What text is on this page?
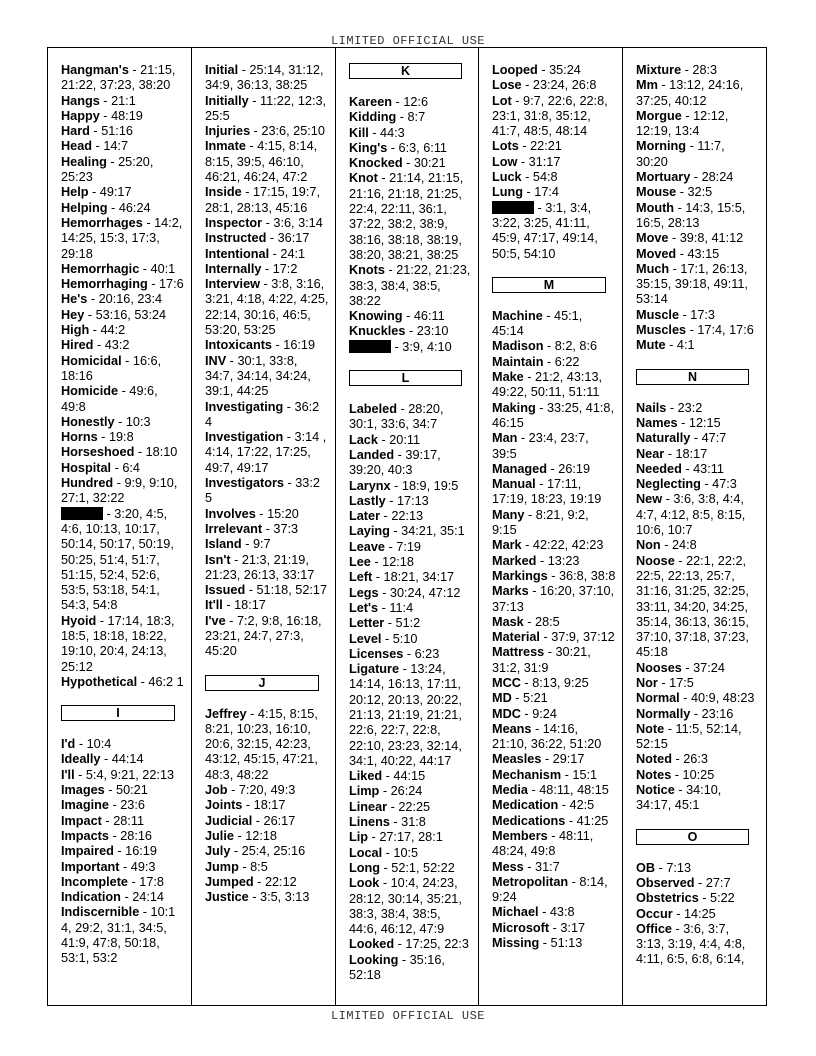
LIMITED OFFICIAL USE
Hangman's - 21:15, 21:22, 37:23, 38:20
Hangs - 21:1
Happy - 48:19
Hard - 51:16
Head - 14:7
Healing - 25:20, 25:23
Help - 49:17
Helping - 46:24
Hemorrhages - 14:2, 14:25, 15:3, 17:3, 29:18
Hemorrhagic - 40:1
Hemorrhaging - 17:6
He's - 20:16, 23:4
Hey - 53:16, 53:24
High - 44:2
Hired - 43:2
Homicidal - 16:6, 18:16
Homicide - 49:6, 49:8
Honestly - 10:3
Horns - 19:8
Horseshoed - 18:10
Hospital - 6:4
Hundred - 9:9, 9:10, 27:1, 32:22
- 3:20, 4:5, 4:6, 10:13, 10:17, 50:14, 50:17, 50:19, 50:25, 51:4, 51:7, 51:15, 52:4, 52:6, 53:5, 53:18, 54:1, 54:3, 54:8
Hyoid - 17:14, 18:3, 18:5, 18:18, 18:22, 19:10, 20:4, 24:13, 25:12
Hypothetical - 46:2 1
I
I'd - 10:4
Ideally - 44:14
I'll - 5:4, 9:21, 22:13
Images - 50:21
Imagine - 23:6
Impact - 28:11
Impacts - 28:16
Impaired - 16:19
Important - 49:3
Incomplete - 17:8
Indication - 24:14
Indiscernible - 10:1 4, 29:2, 31:1, 34:5, 41:9, 47:8, 50:18, 53:1, 53:2
Initial - 25:14, 31:12, 34:9, 36:13, 38:25
Initially - 11:22, 12:3, 25:5
Injuries - 23:6, 25:10
Inmate - 4:15, 8:14, 8:15, 39:5, 46:10, 46:21, 46:24, 47:2
Inside - 17:15, 19:7, 28:1, 28:13, 45:16
Inspector - 3:6, 3:14
Instructed - 36:17
Intentional - 24:1
Internally - 17:2
Interview - 3:8, 3:16, 3:21, 4:18, 4:22, 4:25, 22:14, 30:16, 46:5, 53:20, 53:25
Intoxicants - 16:19
INV - 30:1, 33:8, 34:7, 34:14, 34:24, 39:1, 44:25
Investigating - 36:2 4
Investigation - 3:14 , 4:14, 17:22, 17:25, 49:7, 49:17
Investigators - 33:2 5
Involves - 15:20
Irrelevant - 37:3
Island - 9:7
Isn't - 21:3, 21:19, 21:23, 26:13, 33:17
Issued - 51:18, 52:17
It'll - 18:17
I've - 7:2, 9:8, 16:18, 23:21, 24:7, 27:3, 45:20
J
Jeffrey - 4:15, 8:15, 8:21, 10:23, 16:10, 20:6, 32:15, 42:23, 43:12, 45:15, 47:21, 48:3, 48:22
Job - 7:20, 49:3
Joints - 18:17
Judicial - 26:17
Julie - 12:18
July - 25:4, 25:16
Jump - 8:5
Jumped - 22:12
Justice - 3:5, 3:13
K
Kareen - 12:6
Kidding - 8:7
Kill - 44:3
King's - 6:3, 6:11
Knocked - 30:21
Knot - 21:14, 21:15, 21:16, 21:18, 21:25, 22:4, 22:11, 36:1, 37:22, 38:2, 38:9, 38:16, 38:18, 38:19, 38:20, 38:21, 38:25
Knots - 21:22, 21:23, 38:3, 38:4, 38:5, 38:22
Knowing - 46:11
Knuckles - 23:10
- 3:9, 4:10
L
Labeled - 28:20, 30:1, 33:6, 34:7
Lack - 20:11
Landed - 39:17, 39:20, 40:3
Larynx - 18:9, 19:5
Lastly - 17:13
Later - 22:13
Laying - 34:21, 35:1
Leave - 7:19
Lee - 12:18
Left - 18:21, 34:17
Legs - 30:24, 47:12
Let's - 11:4
Letter - 51:2
Level - 5:10
Licenses - 6:23
Ligature - 13:24, 14:14, 16:13, 17:11, 20:12, 20:13, 20:22, 21:13, 21:19, 21:21, 22:6, 22:7, 22:8, 22:10, 23:23, 32:14, 34:1, 40:22, 44:17
Liked - 44:15
Limp - 26:24
Linear - 22:25
Linens - 31:8
Lip - 27:17, 28:1
Local - 10:5
Long - 52:1, 52:22
Look - 10:4, 24:23, 28:12, 30:14, 35:21, 38:3, 38:4, 38:5, 44:6, 46:12, 47:9
Looked - 17:25, 22:3
Looking - 35:16, 52:18
Looped - 35:24
Lose - 23:24, 26:8
Lot - 9:7, 22:6, 22:8, 23:1, 31:8, 35:12, 41:7, 48:5, 48:14
Lots - 22:21
Low - 31:17
Luck - 54:8
Lung - 17:4
- 3:1, 3:4, 3:22, 3:25, 41:11, 45:9, 47:17, 49:14, 50:5, 54:10
M
Machine - 45:1, 45:14
Madison - 8:2, 8:6
Maintain - 6:22
Make - 21:2, 43:13, 49:22, 50:11, 51:11
Making - 33:25, 41:8, 46:15
Man - 23:4, 23:7, 39:5
Managed - 26:19
Manual - 17:11, 17:19, 18:23, 19:19
Many - 8:21, 9:2, 9:15
Mark - 42:22, 42:23
Marked - 13:23
Markings - 36:8, 38:8
Marks - 16:20, 37:10, 37:13
Mask - 28:5
Material - 37:9, 37:12
Mattress - 30:21, 31:2, 31:9
MCC - 8:13, 9:25
MD - 5:21
MDC - 9:24
Means - 14:16, 21:10, 36:22, 51:20
Measles - 29:17
Mechanism - 15:1
Media - 48:11, 48:15
Medication - 42:5
Medications - 41:25
Members - 48:11, 48:24, 49:8
Mess - 31:7
Metropolitan - 8:14, 9:24
Michael - 43:8
Microsoft - 3:17
Missing - 51:13
Mixture - 28:3
Mm - 13:12, 24:16, 37:25, 40:12
Morgue - 12:12, 12:19, 13:4
Morning - 11:7, 30:20
Mortuary - 28:24
Mouse - 32:5
Mouth - 14:3, 15:5, 16:5, 28:13
Move - 39:8, 41:12
Moved - 43:15
Much - 17:1, 26:13, 35:15, 39:18, 49:11, 53:14
Muscle - 17:3
Muscles - 17:4, 17:6
Mute - 4:1
N
Nails - 23:2
Names - 12:15
Naturally - 47:7
Near - 18:17
Needed - 43:11
Neglecting - 47:3
New - 3:6, 3:8, 4:4, 4:7, 4:12, 8:5, 8:15, 10:6, 10:7
Non - 24:8
Noose - 22:1, 22:2, 22:5, 22:13, 25:7, 31:16, 31:25, 32:25, 33:11, 34:20, 34:25, 35:14, 36:13, 36:15, 37:10, 37:18, 37:23, 45:18
Nooses - 37:24
Nor - 17:5
Normal - 40:9, 48:23
Normally - 23:16
Note - 11:5, 52:14, 52:15
Noted - 26:3
Notes - 10:25
Notice - 34:10, 34:17, 45:1
O
OB - 7:13
Observed - 27:7
Obstetrics - 5:22
Occur - 14:25
Office - 3:6, 3:7, 3:13, 3:19, 4:4, 4:8, 4:11, 6:5, 6:8, 6:14,
LIMITED OFFICIAL USE
